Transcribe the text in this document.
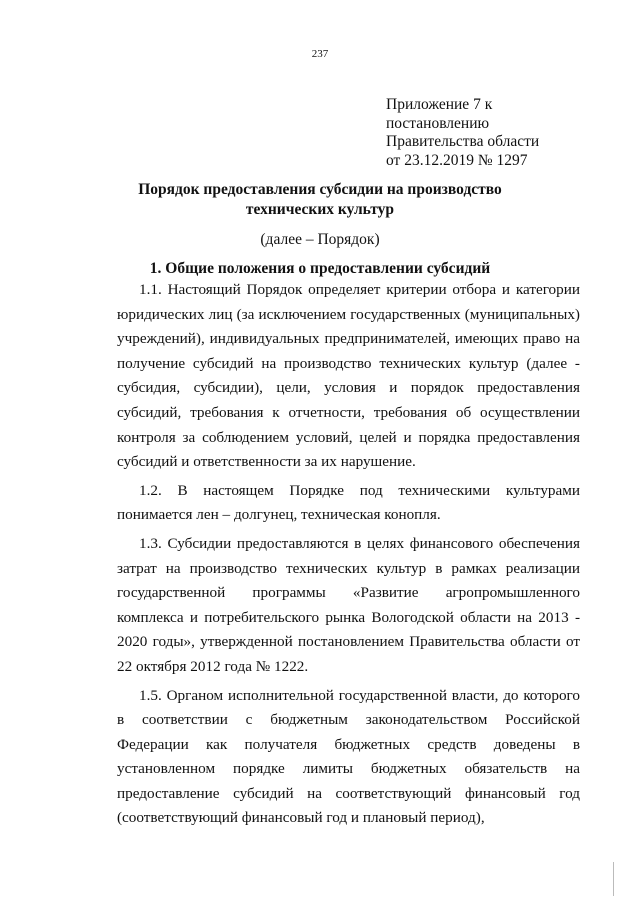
237
Приложение 7 к
постановлению
Правительства области
от 23.12.2019 № 1297
Порядок предоставления субсидии на производство технических культур
(далее – Порядок)
1. Общие положения о предоставлении субсидий

1.1. Настоящий Порядок определяет критерии отбора и категории юридических лиц (за исключением государственных (муниципальных) учреждений), индивидуальных предпринимателей, имеющих право на получение субсидий на производство технических культур (далее - субсидия, субсидии), цели, условия и порядок предоставления субсидий, требования к отчетности, требования об осуществлении контроля за соблюдением условий, целей и порядка предоставления субсидий и ответственности за их нарушение.

1.2. В настоящем Порядке под техническими культурами понимается лен – долгунец, техническая конопля.

1.3. Субсидии предоставляются в целях финансового обеспечения затрат на производство технических культур в рамках реализации государственной программы «Развитие агропромышленного комплекса и потребительского рынка Вологодской области на 2013 - 2020 годы», утвержденной постановлением Правительства области от 22 октября 2012 года № 1222.

1.5. Органом исполнительной государственной власти, до которого в соответствии с бюджетным законодательством Российской Федерации как получателя бюджетных средств доведены в установленном порядке лимиты бюджетных обязательств на предоставление субсидий на соответствующий финансовый год (соответствующий финансовый год и плановый период),
